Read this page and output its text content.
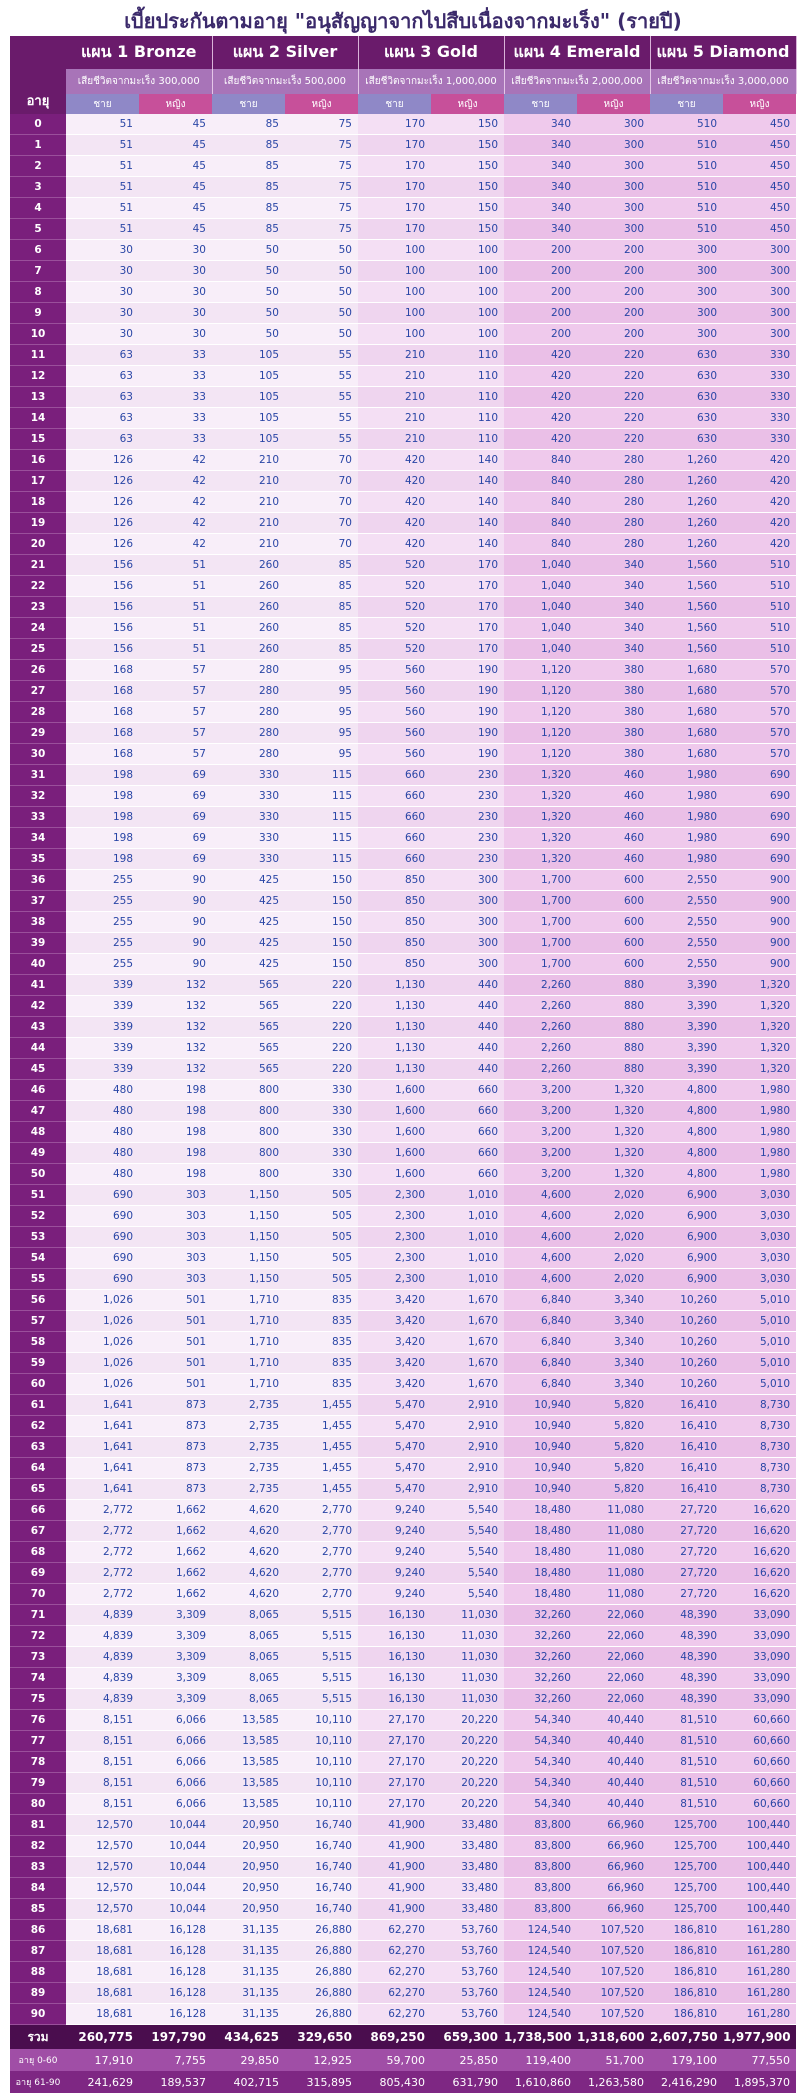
เบี้ยประกันตามอายุ "อนุสัญญาจากไปสืบเนื่องจากมะเร็ง" (รายปี)
อายุ	แผน 1 Bronze		แผน 2 Silver		แผน 3 Gold		แผน 4 Emerald		แผน 5 Diamond	
	เสียชีวิตจากมะเร็ง 300,000		เสียชีวิตจากมะเร็ง 500,000		เสียชีวิตจากมะเร็ง 1,000,000		เสียชีวิตจากมะเร็ง 2,000,000		เสียชีวิตจากมะเร็ง 3,000,000	
	ชาย	หญิง	ชาย	หญิง	ชาย	หญิง	ชาย	หญิง	ชาย	หญิง
0	51	45	85	75	170	150	340	300	510	450
1	51	45	85	75	170	150	340	300	510	450
2	51	45	85	75	170	150	340	300	510	450
3	51	45	85	75	170	150	340	300	510	450
4	51	45	85	75	170	150	340	300	510	450
5	51	45	85	75	170	150	340	300	510	450
6	30	30	50	50	100	100	200	200	300	300
7	30	30	50	50	100	100	200	200	300	300
8	30	30	50	50	100	100	200	200	300	300
9	30	30	50	50	100	100	200	200	300	300
10	30	30	50	50	100	100	200	200	300	300
11	63	33	105	55	210	110	420	220	630	330
12	63	33	105	55	210	110	420	220	630	330
13	63	33	105	55	210	110	420	220	630	330
14	63	33	105	55	210	110	420	220	630	330
15	63	33	105	55	210	110	420	220	630	330
16	126	42	210	70	420	140	840	280	1,260	420
17	126	42	210	70	420	140	840	280	1,260	420
18	126	42	210	70	420	140	840	280	1,260	420
19	126	42	210	70	420	140	840	280	1,260	420
20	126	42	210	70	420	140	840	280	1,260	420
21	156	51	260	85	520	170	1,040	340	1,560	510
22	156	51	260	85	520	170	1,040	340	1,560	510
23	156	51	260	85	520	170	1,040	340	1,560	510
24	156	51	260	85	520	170	1,040	340	1,560	510
25	156	51	260	85	520	170	1,040	340	1,560	510
26	168	57	280	95	560	190	1,120	380	1,680	570
27	168	57	280	95	560	190	1,120	380	1,680	570
28	168	57	280	95	560	190	1,120	380	1,680	570
29	168	57	280	95	560	190	1,120	380	1,680	570
30	168	57	280	95	560	190	1,120	380	1,680	570
31	198	69	330	115	660	230	1,320	460	1,980	690
32	198	69	330	115	660	230	1,320	460	1,980	690
33	198	69	330	115	660	230	1,320	460	1,980	690
34	198	69	330	115	660	230	1,320	460	1,980	690
35	198	69	330	115	660	230	1,320	460	1,980	690
36	255	90	425	150	850	300	1,700	600	2,550	900
37	255	90	425	150	850	300	1,700	600	2,550	900
38	255	90	425	150	850	300	1,700	600	2,550	900
39	255	90	425	150	850	300	1,700	600	2,550	900
40	255	90	425	150	850	300	1,700	600	2,550	900
41	339	132	565	220	1,130	440	2,260	880	3,390	1,320
42	339	132	565	220	1,130	440	2,260	880	3,390	1,320
43	339	132	565	220	1,130	440	2,260	880	3,390	1,320
44	339	132	565	220	1,130	440	2,260	880	3,390	1,320
45	339	132	565	220	1,130	440	2,260	880	3,390	1,320
46	480	198	800	330	1,600	660	3,200	1,320	4,800	1,980
47	480	198	800	330	1,600	660	3,200	1,320	4,800	1,980
48	480	198	800	330	1,600	660	3,200	1,320	4,800	1,980
49	480	198	800	330	1,600	660	3,200	1,320	4,800	1,980
50	480	198	800	330	1,600	660	3,200	1,320	4,800	1,980
51	690	303	1,150	505	2,300	1,010	4,600	2,020	6,900	3,030
52	690	303	1,150	505	2,300	1,010	4,600	2,020	6,900	3,030
53	690	303	1,150	505	2,300	1,010	4,600	2,020	6,900	3,030
54	690	303	1,150	505	2,300	1,010	4,600	2,020	6,900	3,030
55	690	303	1,150	505	2,300	1,010	4,600	2,020	6,900	3,030
56	1,026	501	1,710	835	3,420	1,670	6,840	3,340	10,260	5,010
57	1,026	501	1,710	835	3,420	1,670	6,840	3,340	10,260	5,010
58	1,026	501	1,710	835	3,420	1,670	6,840	3,340	10,260	5,010
59	1,026	501	1,710	835	3,420	1,670	6,840	3,340	10,260	5,010
60	1,026	501	1,710	835	3,420	1,670	6,840	3,340	10,260	5,010
61	1,641	873	2,735	1,455	5,470	2,910	10,940	5,820	16,410	8,730
62	1,641	873	2,735	1,455	5,470	2,910	10,940	5,820	16,410	8,730
63	1,641	873	2,735	1,455	5,470	2,910	10,940	5,820	16,410	8,730
64	1,641	873	2,735	1,455	5,470	2,910	10,940	5,820	16,410	8,730
65	1,641	873	2,735	1,455	5,470	2,910	10,940	5,820	16,410	8,730
66	2,772	1,662	4,620	2,770	9,240	5,540	18,480	11,080	27,720	16,620
67	2,772	1,662	4,620	2,770	9,240	5,540	18,480	11,080	27,720	16,620
68	2,772	1,662	4,620	2,770	9,240	5,540	18,480	11,080	27,720	16,620
69	2,772	1,662	4,620	2,770	9,240	5,540	18,480	11,080	27,720	16,620
70	2,772	1,662	4,620	2,770	9,240	5,540	18,480	11,080	27,720	16,620
71	4,839	3,309	8,065	5,515	16,130	11,030	32,260	22,060	48,390	33,090
72	4,839	3,309	8,065	5,515	16,130	11,030	32,260	22,060	48,390	33,090
73	4,839	3,309	8,065	5,515	16,130	11,030	32,260	22,060	48,390	33,090
74	4,839	3,309	8,065	5,515	16,130	11,030	32,260	22,060	48,390	33,090
75	4,839	3,309	8,065	5,515	16,130	11,030	32,260	22,060	48,390	33,090
76	8,151	6,066	13,585	10,110	27,170	20,220	54,340	40,440	81,510	60,660
77	8,151	6,066	13,585	10,110	27,170	20,220	54,340	40,440	81,510	60,660
78	8,151	6,066	13,585	10,110	27,170	20,220	54,340	40,440	81,510	60,660
79	8,151	6,066	13,585	10,110	27,170	20,220	54,340	40,440	81,510	60,660
80	8,151	6,066	13,585	10,110	27,170	20,220	54,340	40,440	81,510	60,660
81	12,570	10,044	20,950	16,740	41,900	33,480	83,800	66,960	125,700	100,440
82	12,570	10,044	20,950	16,740	41,900	33,480	83,800	66,960	125,700	100,440
83	12,570	10,044	20,950	16,740	41,900	33,480	83,800	66,960	125,700	100,440
84	12,570	10,044	20,950	16,740	41,900	33,480	83,800	66,960	125,700	100,440
85	12,570	10,044	20,950	16,740	41,900	33,480	83,800	66,960	125,700	100,440
86	18,681	16,128	31,135	26,880	62,270	53,760	124,540	107,520	186,810	161,280
87	18,681	16,128	31,135	26,880	62,270	53,760	124,540	107,520	186,810	161,280
88	18,681	16,128	31,135	26,880	62,270	53,760	124,540	107,520	186,810	161,280
89	18,681	16,128	31,135	26,880	62,270	53,760	124,540	107,520	186,810	161,280
90	18,681	16,128	31,135	26,880	62,270	53,760	124,540	107,520	186,810	161,280
รวม	260,775	197,790	434,625	329,650	869,250	659,300	1,738,500	1,318,600	2,607,750	1,977,900
อายุ 0-60	17,910	7,755	29,850	12,925	59,700	25,850	119,400	51,700	179,100	77,550
อายุ 61-90	241,629	189,537	402,715	315,895	805,430	631,790	1,610,860	1,263,580	2,416,290	1,895,370
